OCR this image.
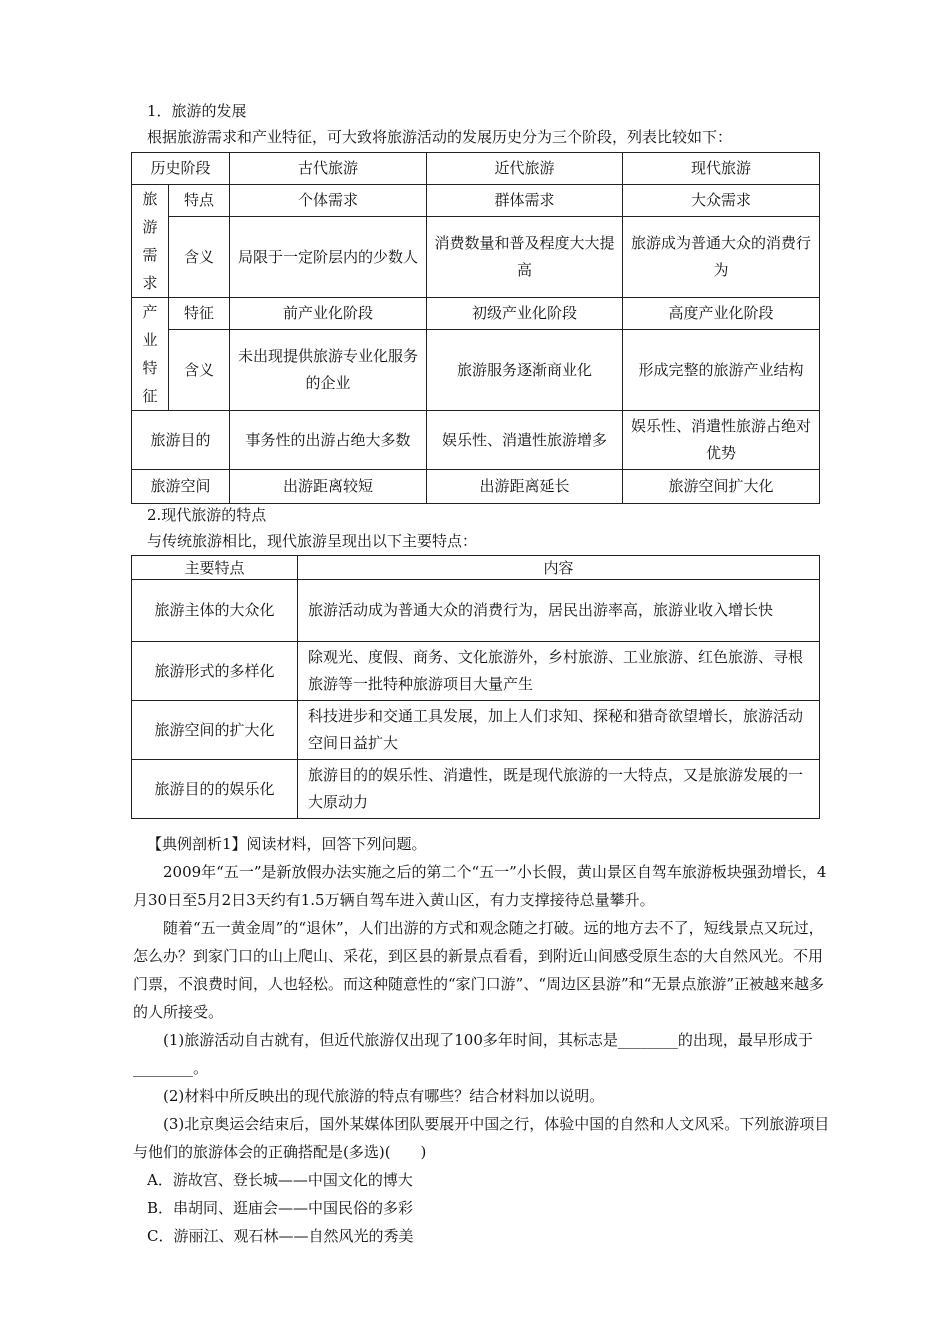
1．旅游的发展
根据旅游需求和产业特征，可大致将旅游活动的发展历史分为三个阶段，列表比较如下：
历史阶段		古代旅游	近代旅游	现代旅游
旅游需求	特点	个体需求	群体需求	大众需求
	含义	局限于一定阶层内的少数人	消费数量和普及程度大大提高	旅游成为普通大众的消费行为
产业特征	特征	前产业化阶段	初级产业化阶段	高度产业化阶段
	含义	未出现提供旅游专业化服务的企业	旅游服务逐渐商业化	形成完整的旅游产业结构
旅游目的		事务性的出游占绝大多数	娱乐性、消遣性旅游增多	娱乐性、消遣性旅游占绝对优势
旅游空间		出游距离较短	出游距离延长	旅游空间扩大化
2.现代旅游的特点
与传统旅游相比，现代旅游呈现出以下主要特点：
主要特点	内容
旅游主体的大众化	旅游活动成为普通大众的消费行为，居民出游率高，旅游业收入增长快
旅游形式的多样化	除观光、度假、商务、文化旅游外，乡村旅游、工业旅游、红色旅游、寻根旅游等一批特种旅游项目大量产生
旅游空间的扩大化	科技进步和交通工具发展，加上人们求知、探秘和猎奇欲望增长，旅游活动空间日益扩大
旅游目的的娱乐化	旅游目的的娱乐性、消遣性，既是现代旅游的一大特点，又是旅游发展的一大原动力
【典例剖析1】阅读材料，回答下列问题。
2009年“五一”是新放假办法实施之后的第二个“五一”小长假，黄山景区自驾车旅游板块强劲增长，4月30日至5月2日3天约有1.5万辆自驾车进入黄山区，有力支撑接待总量攀升。
随着“五一黄金周”的“退休”，人们出游的方式和观念随之打破。远的地方去不了，短线景点又玩过，怎么办？到家门口的山上爬山、采花，到区县的新景点看看，到附近山间感受原生态的大自然风光。不用门票，不浪费时间，人也轻松。而这种随意性的“家门口游”、“周边区县游”和“无景点旅游”正被越来越多的人所接受。
(1)旅游活动自古就有，但近代旅游仅出现了100多年时间，其标志是________的出现，最早形成于________。
(2)材料中所反映出的现代旅游的特点有哪些？结合材料加以说明。
(3)北京奥运会结束后，国外某媒体团队要展开中国之行，体验中国的自然和人文风采。下列旅游项目与他们的旅游体会的正确搭配是(多选)(　　)
A．游故宫、登长城——中国文化的博大
B．串胡同、逛庙会——中国民俗的多彩
C．游丽江、观石林——自然风光的秀美
